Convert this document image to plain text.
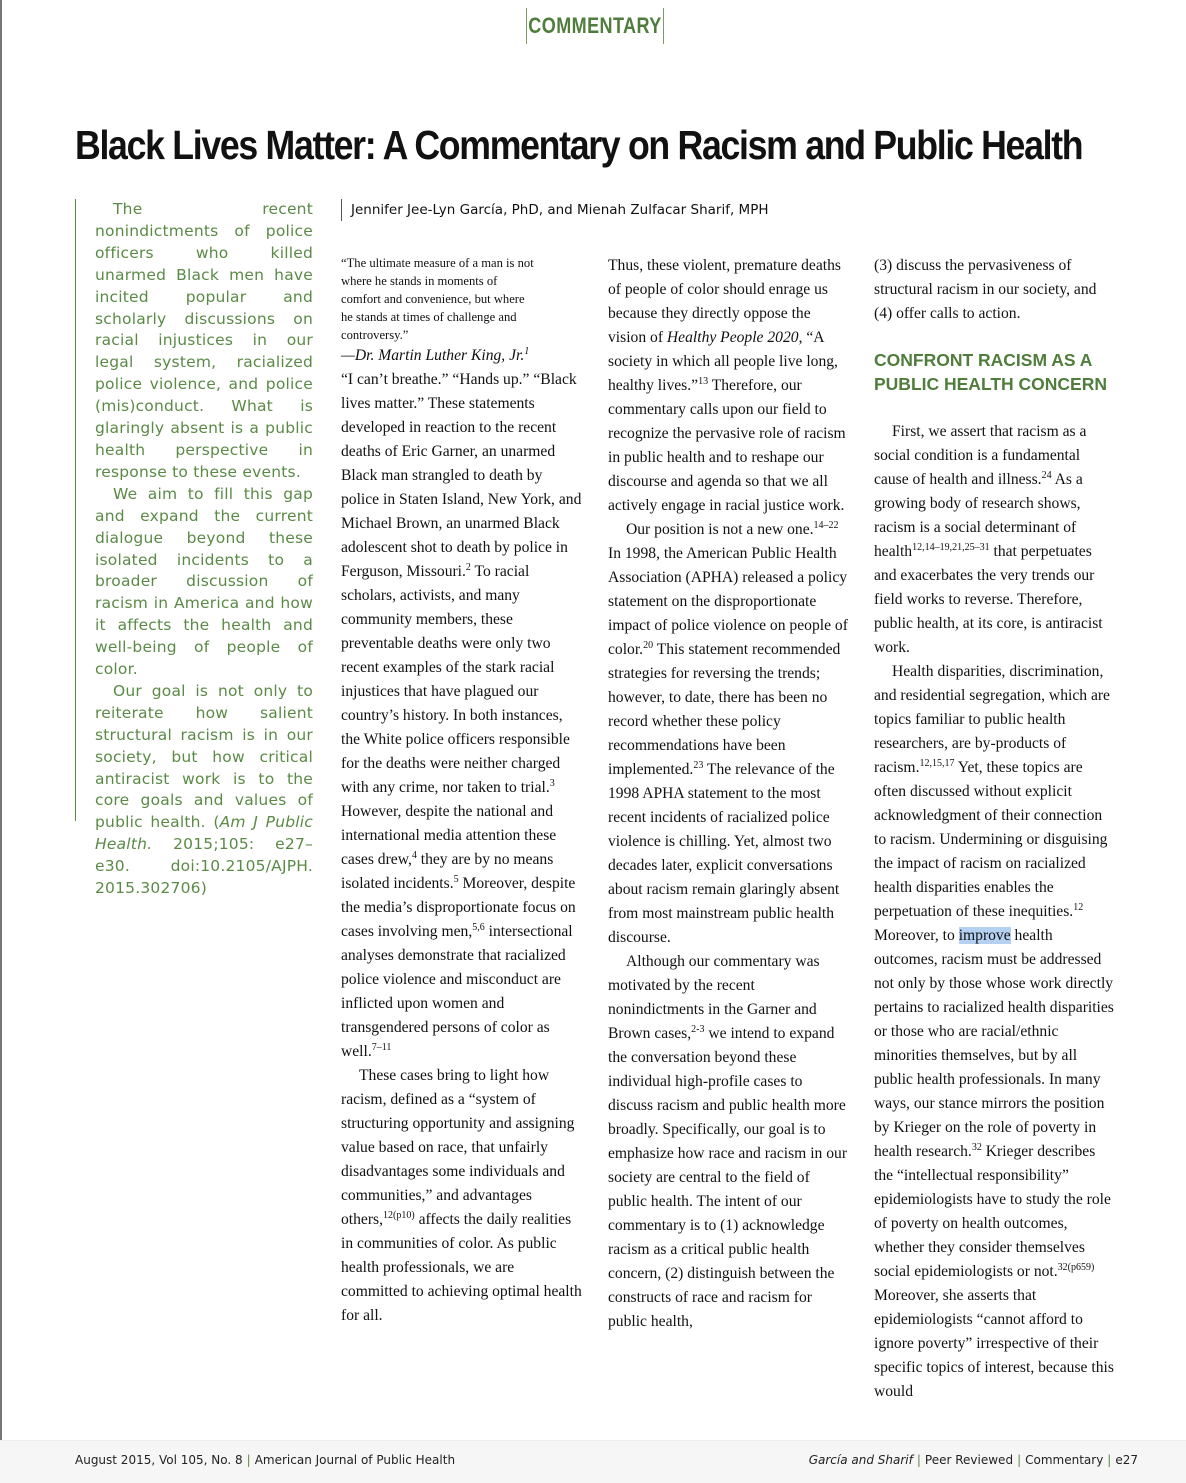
COMMENTARY
Black Lives Matter: A Commentary on Racism and Public Health

The recent nonindictments of police officers who killed unarmed Black men have incited popular and scholarly discussions on racial injustices in our legal system, racialized police violence, and police (mis)conduct. What is glaringly absent is a public health perspective in response to these events.

We aim to fill this gap and expand the current dialogue beyond these isolated incidents to a broader discussion of racism in America and how it affects the health and well-being of people of color.

Our goal is not only to reiterate how salient structural racism is in our society, but how critical antiracist work is to the core goals and values of public health. (Am J Public Health. 2015;105: e27–e30. doi:10.2105/AJPH. 2015.302706)

Jennifer Jee-Lyn García, PhD, and Mienah Zulfacar Sharif, MPH

“The ultimate measure of a man is not where he stands in moments of comfort and convenience, but where he stands at times of challenge and controversy.”

—Dr. Martin Luther King, Jr.$^1$

“I can’t breathe.” “Hands up.” “Black lives matter.” These statements developed in reaction to the recent deaths of Eric Garner, an unarmed Black man strangled to death by police in Staten Island, New York, and Michael Brown, an unarmed Black adolescent shot to death by police in Ferguson, Missouri.$^2$ To racial scholars, activists, and many community members, these preventable deaths were only two recent examples of the stark racial injustices that have plagued our country’s history. In both instances, the White police officers responsible for the deaths were neither charged with any crime, nor taken to trial.$^3$ However, despite the national and international media attention these cases drew,$^4$ they are by no means isolated incidents.$^5$ Moreover, despite the media’s disproportionate focus on cases involving men,$^{5,6}$ intersectional analyses demonstrate that racialized police violence and misconduct are inflicted upon women and transgendered persons of color as well.$^{7-11}$

These cases bring to light how racism, defined as a “system of structuring opportunity and assigning value based on race, that unfairly disadvantages some individuals and communities,” and advantages others,$^{12(p10)}$ affects the daily realities in communities of color. As public health professionals, we are committed to achieving optimal health for all.

Thus, these violent, premature deaths of people of color should enrage us because they directly oppose the vision of Healthy People 2020, “A society in which all people live long, healthy lives.”$^{13}$ Therefore, our commentary calls upon our field to recognize the pervasive role of racism in public health and to reshape our discourse and agenda so that we all actively engage in racial justice work.

Our position is not a new one.$^{14-22}$ In 1998, the American Public Health Association (APHA) released a policy statement on the disproportionate impact of police violence on people of color.$^{20}$ This statement recommended strategies for reversing the trends; however, to date, there has been no record whether these policy recommendations have been implemented.$^{23}$ The relevance of the 1998 APHA statement to the most recent incidents of racialized police violence is chilling. Yet, almost two decades later, explicit conversations about racism remain glaringly absent from most mainstream public health discourse.

Although our commentary was motivated by the recent nonindictments in the Garner and Brown cases,$^{2-3}$ we intend to expand the conversation beyond these individual high-profile cases to discuss racism and public health more broadly. Specifically, our goal is to emphasize how race and racism in our society are central to the field of public health. The intent of our commentary is to (1) acknowledge racism as a critical public health concern, (2) distinguish between the constructs of race and racism for public health,

(3) discuss the pervasiveness of structural racism in our society, and (4) offer calls to action.

CONFRONT RACISM AS A PUBLIC HEALTH CONCERN

First, we assert that racism as a social condition is a fundamental cause of health and illness.$^{24}$ As a growing body of research shows, racism is a social determinant of health$^{12,14-19,21,25-31}$ that perpetuates and exacerbates the very trends our field works to reverse. Therefore, public health, at its core, is antiracist work.

Health disparities, discrimination, and residential segregation, which are topics familiar to public health researchers, are by-products of racism.$^{12,15,17}$ Yet, these topics are often discussed without explicit acknowledgment of their connection to racism. Undermining or disguising the impact of racism on racialized health disparities enables the perpetuation of these inequities.$^{12}$ Moreover, to improve health outcomes, racism must be addressed not only by those whose work directly pertains to racialized health disparities or those who are racial/ethnic minorities themselves, but by all public health professionals. In many ways, our stance mirrors the position by Krieger on the role of poverty in health research.$^{32}$ Krieger describes the “intellectual responsibility” epidemiologists have to study the role of poverty on health outcomes, whether they consider themselves social epidemiologists or not.$^{32(p659)}$ Moreover, she asserts that epidemiologists “cannot afford to ignore poverty” irrespective of their specific topics of interest, because this would

August 2015, Vol 105, No. 8 | American Journal of Public Health	García and Sharif | Peer Reviewed | Commentary | e27
